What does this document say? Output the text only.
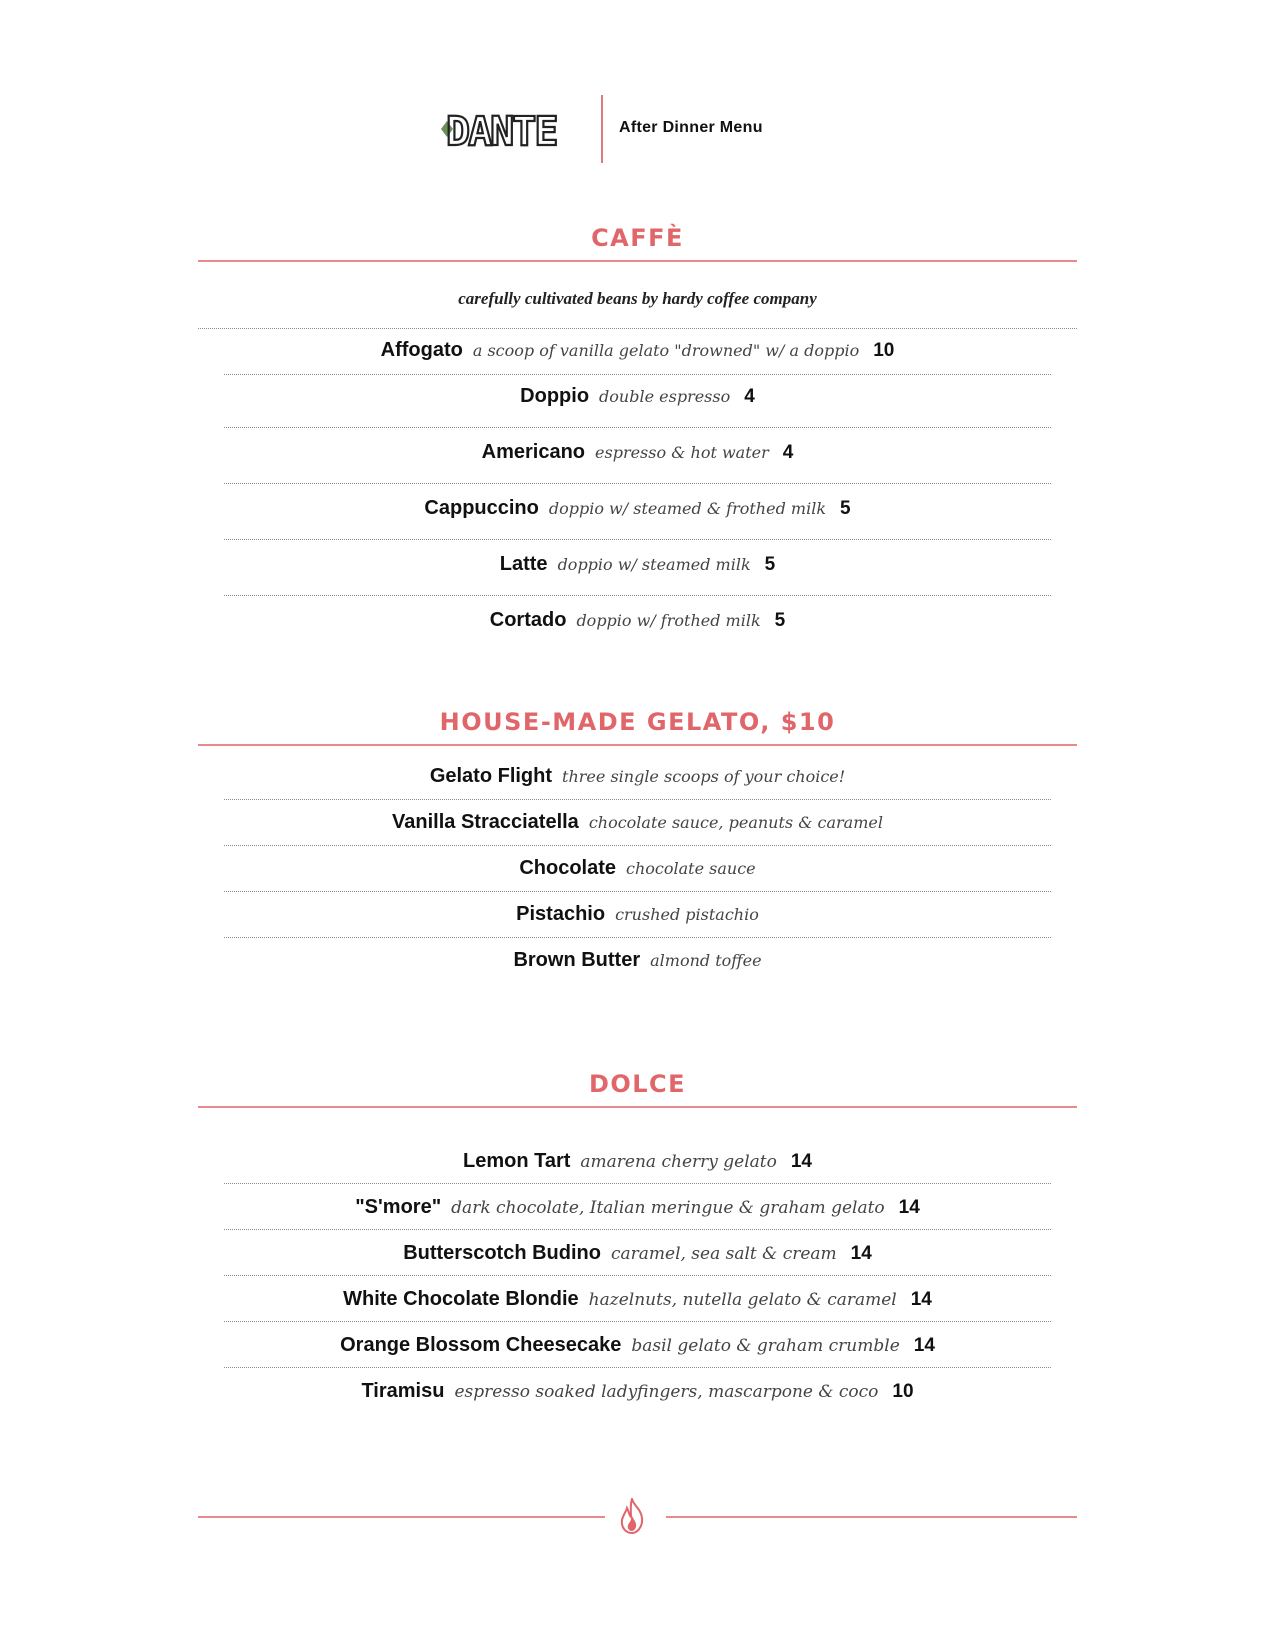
DANTE	After Dinner Menu
CAFFÈ
carefully cultivated beans by hardy coffee company
Affogato a scoop of vanilla gelato "drowned" w/ a doppio 10
Doppio double espresso 4
Americano espresso & hot water 4
Cappuccino doppio w/ steamed & frothed milk 5
Latte doppio w/ steamed milk 5
Cortado doppio w/ frothed milk 5
HOUSE-MADE GELATO, $10
Gelato Flight three single scoops of your choice!
Vanilla Stracciatella chocolate sauce, peanuts & caramel
Chocolate chocolate sauce
Pistachio crushed pistachio
Brown Butter almond toffee
DOLCE
Lemon Tart amarena cherry gelato 14
"S'more" dark chocolate, Italian meringue & graham gelato 14
Butterscotch Budino caramel, sea salt & cream 14
White Chocolate Blondie hazelnuts, nutella gelato & caramel 14
Orange Blossom Cheesecake basil gelato & graham crumble 14
Tiramisu espresso soaked ladyfingers, mascarpone & coco 10
